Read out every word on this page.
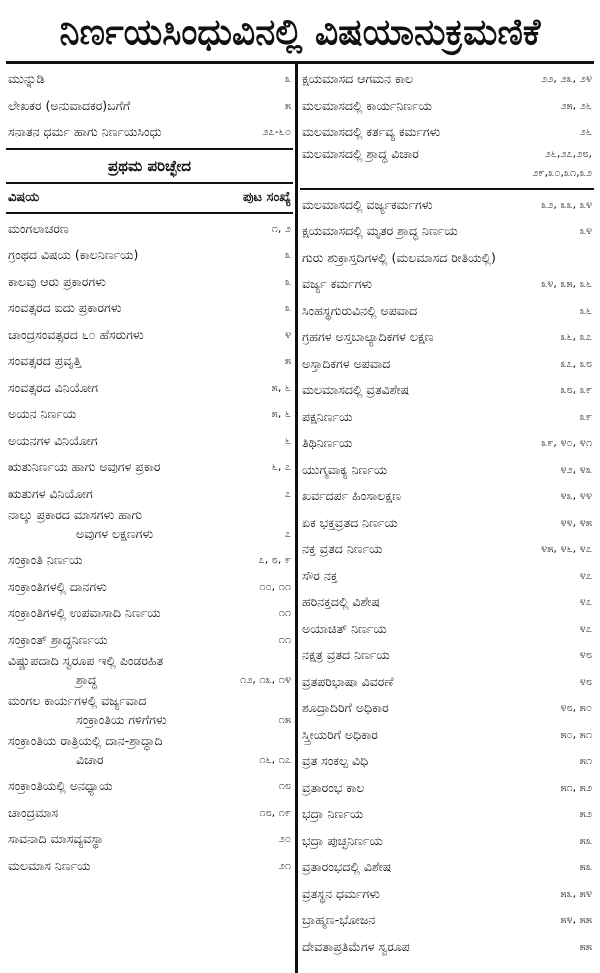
ನಿರ್ಣಯಸಿಂಧುವಿನಲ್ಲಿ ವಿಷಯಾನುಕ್ರಮಣಿಕೆ
ಮುನ್ನುಡಿ	೩
ಲೇಖಕರ (ಅನುವಾದಕರ)ಬಗೆಗೆ	೫
ಸನಾತನ ಧರ್ಮ ಹಾಗು ನಿರ್ಣಯಸಿಂಧು	೨೭-೬೦
ಪ್ರಥಮ ಪರಿಚ್ಛೇದ
ವಿಷಯ	ಪುಟ ಸಂಖ್ಯೆ
ಮಂಗಲಾಚರಣ	೧, ೨
ಗ್ರಂಥದ ವಿಷಯ (ಕಾಲನಿರ್ಣಯ)	೩
ಕಾಲವು ಆರು ಪ್ರಕಾರಗಳು	೩
ಸಂವತ್ಸರದ ಐದು ಪ್ರಕಾರಗಳು	೩
ಚಾಂದ್ರಸಂವತ್ಸರದ ೬೦ ಹೆಸರುಗಳು	೪
ಸಂವತ್ಸರದ ಪ್ರವೃತ್ತಿ	೫
ಸಂವತ್ಸರದ ವಿನಿಯೋಗ	೫, ೬
ಅಯನ ನಿರ್ಣಯ	೫, ೬
ಅಯನಗಳ ವಿನಿಯೋಗ	೬
ಋತುನಿರ್ಣಯ ಹಾಗು ಅವುಗಳ ಪ್ರಕಾರ	೬, ೭
ಋತುಗಳ ವಿನಿಯೋಗ	೭
ನಾಲ್ಕು ಪ್ರಕಾರದ ಮಾಸಗಳು ಹಾಗು
ಅವುಗಳ ಲಕ್ಷಣಗಳು	೭
ಸಂಕ್ರಾಂತಿ ನಿರ್ಣಯ	೭, ೮, ೯
ಸಂಕ್ರಾಂತಿಗಳಲ್ಲಿ ದಾನಗಳು	೧೦, ೧೧
ಸಂಕ್ರಾಂತಿಗಳಲ್ಲಿ ಉಪವಾಸಾದಿ ನಿರ್ಣಯ	೧೧
ಸಂಕ್ರಾಂತ್ ಶ್ರಾದ್ಧನಿರ್ಣಯ	೧೧
ವಿಷ್ಣುಪದಾದಿ ಸ್ವರೂಪ ಇಲ್ಲಿ ಪಿಂಡರಹಿತ
ಶ್ರಾದ್ಧ	೧೨, ೧೩, ೧೪
ಮಂಗಲ ಕಾರ್ಯಗಳಲ್ಲಿ ವರ್ಜ್ಯವಾದ
ಸಂಕ್ರಾಂತಿಯ ಗಳಿಗೆಗಳು	೧೫
ಸಂಕ್ರಾಂತಿಯ ರಾತ್ರಿಯಲ್ಲಿ ದಾನ-ಶ್ರಾದ್ಧಾದಿ
ವಿಚಾರ	೧೬, ೧೭
ಸಂಕ್ರಾಂತಿಯಲ್ಲಿ ಅನಧ್ಯಾಯ	೧೮
ಚಾಂದ್ರಮಾಸ	೧೮, ೧೯
ಸಾವನಾದಿ ಮಾಸವ್ಯವಸ್ಥಾ	೨೦
ಮಲಮಾಸ ನಿರ್ಣಯ	೨೧
ಕ್ಷಯಮಾಸದ ಆಗಮನ ಕಾಲ	೨೨, ೨೩, ೨೪
ಮಲಮಾಸದಲ್ಲಿ ಕಾರ್ಯನಿರ್ಣಯ	೨೫, ೨೬
ಮಲಮಾಸದಲ್ಲಿ ಕರ್ತವ್ಯ ಕರ್ಮಗಳು	೨೬
ಮಲಮಾಸದಲ್ಲಿ ಶ್ರಾದ್ಧ ವಿಚಾರ	೨೬,೨೭,೨೮,
೨೯,೩೦,೩೧,೩೨
ಮಲಮಾಸದಲ್ಲಿ ವರ್ಜ್ಯಕರ್ಮಗಳು	೩೨, ೩೩, ೩೪
ಕ್ಷಯಮಾಸದಲ್ಲಿ ಮೃತರ ಶ್ರಾದ್ಧ ನಿರ್ಣಯ	೩೪
ಗುರು ಶುಕ್ರಾಸ್ತದಿಗಳಲ್ಲಿ (ಮಲಮಾಸದ ರೀತಿಯಲ್ಲಿ)
ವರ್ಜ್ಯ ಕರ್ಮಗಳು	೩೪, ೩೫, ೩೬
ಸಿಂಹಸ್ಥಗುರುವಿನಲ್ಲಿ ಅಪವಾದ	೩೬
ಗ್ರಹಗಳ ಅಸ್ತಬಾಲ್ಯಾದಿಕಗಳ ಲಕ್ಷಣ	೩೬, ೩೭
ಅಸ್ತಾದಿಕಗಳ ಅಪವಾದ	೩೭, ೩೮
ಮಲಮಾಸದಲ್ಲಿ ವ್ರತವಿಶೇಷ	೩೮, ೩೯
ಪಕ್ಷನಿರ್ಣಯ	೩೯
ತಿಥಿನಿರ್ಣಯ	೩೯, ೪೦, ೪೧
ಯುಗ್ಮವಾಕ್ಯ ನಿರ್ಣಯ	೪೨, ೪೩
ಖರ್ವದರ್ಪ ಹಿಂಸಾಲಕ್ಷಣ	೪೩, ೪೪
ಏಕ ಭಕ್ತವ್ರತದ ನಿರ್ಣಯ	೪೪, ೪೫
ನಕ್ತ ವ್ರತದ ನಿರ್ಣಯ	೪೫, ೪೬, ೪೭
ಸೌರ ನಕ್ತ	೪೭
ಹರಿನಕ್ತದಲ್ಲಿ ವಿಶೇಷ	೪೭
ಅಯಾಚಿತ್ ನಿರ್ಣಯ	೪೭
ನಕ್ಷತ್ರ ವ್ರತದ ನಿರ್ಣಯ	೪೮
ವ್ರತಪರಿಭಾಷಾ ವಿವರಣೆ	೪೮
ಶೂದ್ರಾದಿರಿಗೆ ಅಧಿಕಾರ	೪೮, ೫೦
ಸ್ತ್ರೀಯರಿಗೆ ಅಧಿಕಾರ	೫೦, ೫೧
ವ್ರತ ಸಂಕಲ್ಪ ವಿಧಿ	೫೧
ವ್ರತಾರಂಭ ಕಾಲ	೫೧, ೫೨
ಭದ್ರಾ ನಿರ್ಣಯ	೫೨
ಭದ್ರಾ ಪುಚ್ಛನಿರ್ಣಯ	೫೩
ವ್ರತಾರಂಭದಲ್ಲಿ ವಿಶೇಷ	೫೩
ವ್ರತಸ್ಥನ ಧರ್ಮಗಳು	೫೩, ೫೪
ಬ್ರಾಹ್ಮಣ-ಭೋಜನ	೫೪, ೫೫
ದೇವತಾಪ್ರತಿಮೆಗಳ ಸ್ವರೂಪ	೫೫
